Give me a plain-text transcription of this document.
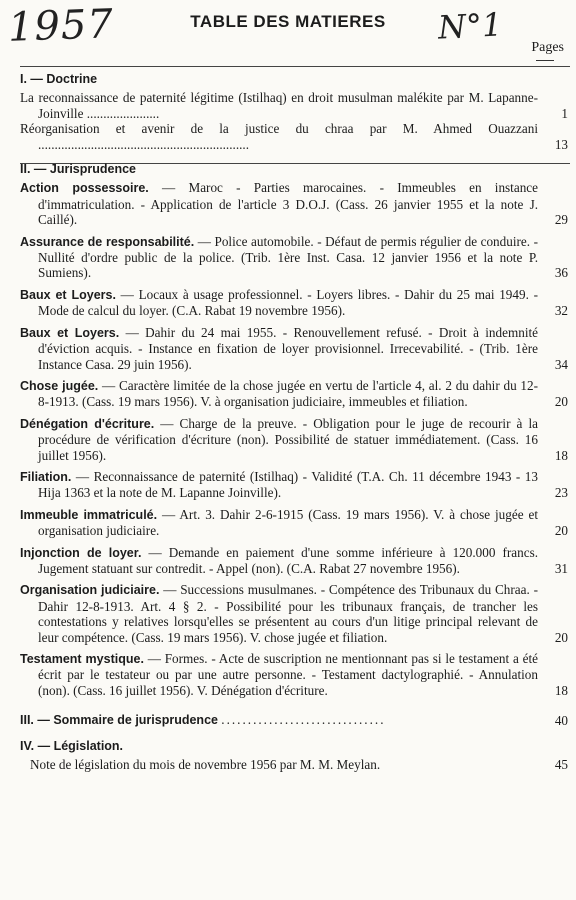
1957	N°1
TABLE DES MATIERES
Pages
I. — Doctrine
La reconnaissance de paternité légitime (Istilhaq) en droit musulman malékite par M. Lapanne-Joinville ......................	1
Réorganisation et avenir de la justice du chraa par M. Ahmed Ouazzani ................................................................	13
II. — Jurisprudence
Action possessoire. — Maroc - Parties marocaines. - Immeubles en instance d'immatriculation. - Application de l'article 3 D.O.J. (Cass. 26 janvier 1955 et la note J. Caillé).	29
Assurance de responsabilité. — Police automobile. - Défaut de permis régulier de conduire. - Nullité d'ordre public de la police. (Trib. 1ère Inst. Casa. 12 janvier 1956 et la note P. Sumiens).	36
Baux et Loyers. — Locaux à usage professionnel. - Loyers libres. - Dahir du 25 mai 1949. - Mode de calcul du loyer. (C.A. Rabat 19 novembre 1956).	32
Baux et Loyers. — Dahir du 24 mai 1955. - Renouvellement refusé. - Droit à indemnité d'éviction acquis. - Instance en fixation de loyer provisionnel. Irrecevabilité. - (Trib. 1ère Instance Casa. 29 juin 1956).	34
Chose jugée. — Caractère limitée de la chose jugée en vertu de l'article 4, al. 2 du dahir du 12-8-1913. (Cass. 19 mars 1956). V. à organisation judiciaire, immeubles et filiation.	20
Dénégation d'écriture. — Charge de la preuve. - Obligation pour le juge de recourir à la procédure de vérification d'écriture (non). Possibilité de statuer immédiatement. (Cass. 16 juillet 1956).	18
Filiation. — Reconnaissance de paternité (Istilhaq) - Validité (T.A. Ch. 11 décembre 1943 - 13 Hija 1363 et la note de M. Lapanne Joinville).	23
Immeuble immatriculé. — Art. 3. Dahir 2-6-1915 (Cass. 19 mars 1956). V. à chose jugée et organisation judiciaire.	20
Injonction de loyer. — Demande en paiement d'une somme inférieure à 120.000 francs. Jugement statuant sur contredit. - Appel (non). (C.A. Rabat 27 novembre 1956).	31
Organisation judiciaire. — Successions musulmanes. - Compétence des Tribunaux du Chraa. - Dahir 12-8-1913. Art. 4 § 2. - Possibilité pour les tribunaux français, de trancher les contestations y relatives lorsqu'elles se présentent au cours d'un litige principal relevant de leur compétence. (Cass. 19 mars 1956). V. chose jugée et filiation.	20
Testament mystique. — Formes. - Acte de suscription ne mentionnant pas si le testament a été écrit par le testateur ou par une autre personne. - Testament dactylographié. - Annulation (non). (Cass. 16 juillet 1956). V. Dénégation d'écriture.	18
III. — Sommaire de jurisprudence ...............................	40
IV. — Législation.
Note de législation du mois de novembre 1956 par M. M. Meylan.	45
